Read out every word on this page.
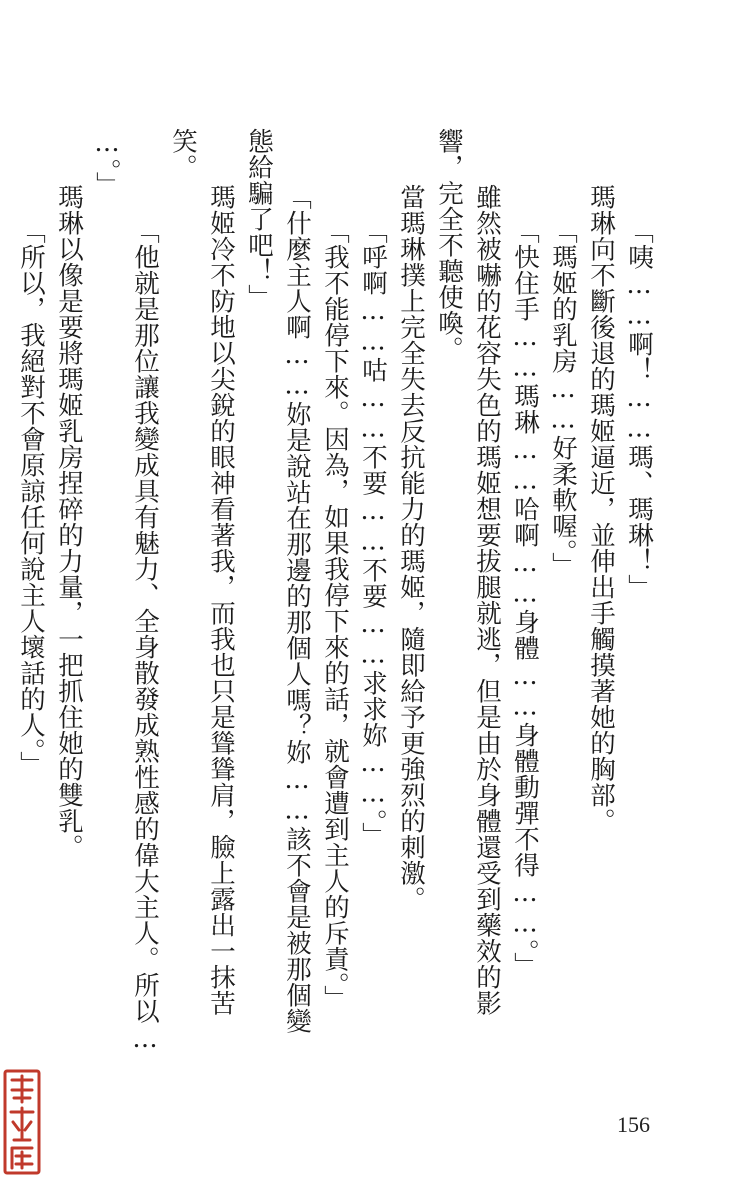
「咦……啊！……瑪、瑪琳！」
瑪琳向不斷後退的瑪姬逼近，並伸出手觸摸著她的胸部。
「瑪姬的乳房……好柔軟喔。」
「快住手……瑪琳……哈啊……身體……身體動彈不得……。」
雖然被嚇的花容失色的瑪姬想要拔腿就逃，但是由於身體還受到藥效的影
響，完全不聽使喚。
當瑪琳撲上完全失去反抗能力的瑪姬，隨即給予更強烈的刺激。
「呼啊……咕……不要……不要……求求妳……。」
「我不能停下來。因為，如果我停下來的話，就會遭到主人的斥責。」
「什麼主人啊……妳是說站在那邊的那個人嗎？妳……該不會是被那個變
態給騙了吧！」
瑪姬冷不防地以尖銳的眼神看著我，而我也只是聳聳肩，臉上露出一抹苦
笑。
「他就是那位讓我變成具有魅力、全身散發成熟性感的偉大主人。所以…
…。」
瑪琳以像是要將瑪姬乳房捏碎的力量，一把抓住她的雙乳。
「所以，我絕對不會原諒任何說主人壞話的人。」
156
